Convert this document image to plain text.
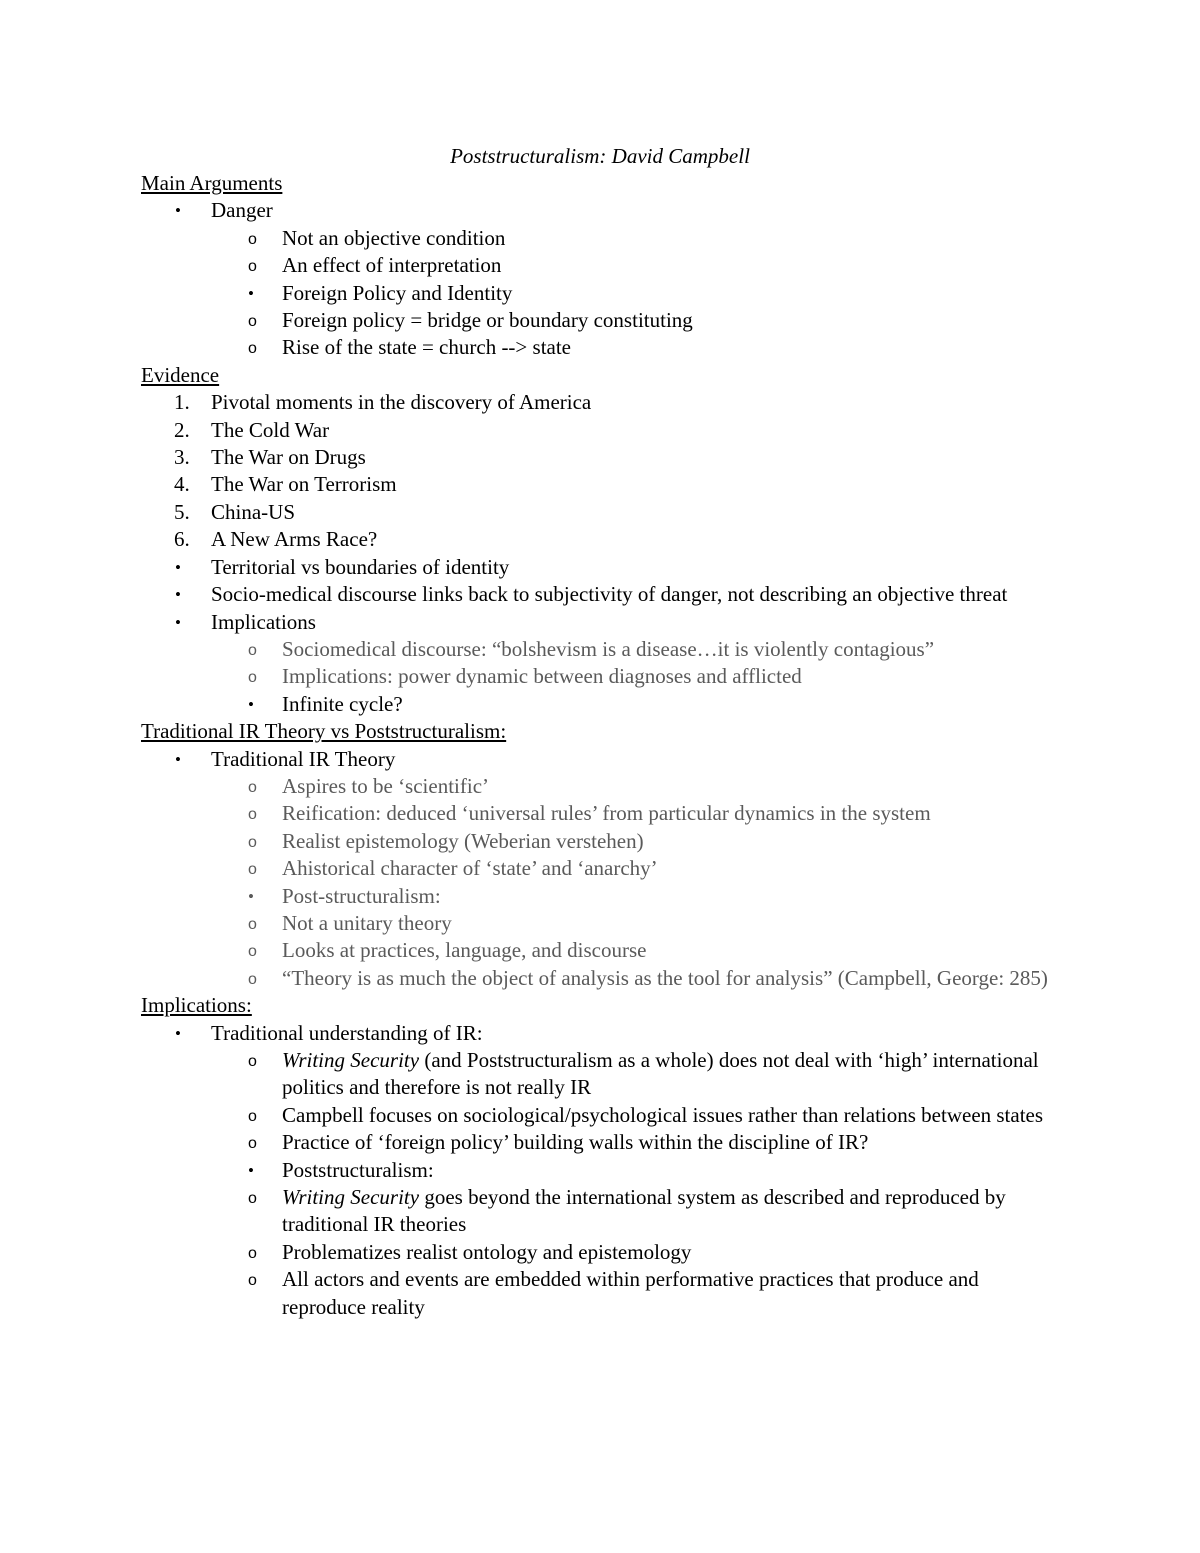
Poststructuralism: David Campbell

Main Arguments

• Danger
o Not an objective condition
o An effect of interpretation
• Foreign Policy and Identity
o Foreign policy = bridge or boundary constituting
o Rise of the state = church --> state

Evidence

1. Pivotal moments in the discovery of America
2. The Cold War
3. The War on Drugs
4. The War on Terrorism
5. China-US
6. A New Arms Race?
• Territorial vs boundaries of identity
• Socio-medical discourse links back to subjectivity of danger, not describing an objective threat
• Implications
o Sociomedical discourse: “bolshevism is a disease…it is violently contagious”
o Implications: power dynamic between diagnoses and afflicted
• Infinite cycle?

Traditional IR Theory vs Poststructuralism:

• Traditional IR Theory
o Aspires to be ‘scientific’
o Reification: deduced ‘universal rules’ from particular dynamics in the system
o Realist epistemology (Weberian verstehen)
o Ahistorical character of ‘state’ and ‘anarchy’
• Post-structuralism:
o Not a unitary theory
o Looks at practices, language, and discourse
o “Theory is as much the object of analysis as the tool for analysis” (Campbell, George: 285)

Implications:

• Traditional understanding of IR:
o Writing Security (and Poststructuralism as a whole) does not deal with ‘high’ international politics and therefore is not really IR
o Campbell focuses on sociological/psychological issues rather than relations between states
o Practice of ‘foreign policy’ building walls within the discipline of IR?
• Poststructuralism:
o Writing Security goes beyond the international system as described and reproduced by traditional IR theories
o Problematizes realist ontology and epistemology
o All actors and events are embedded within performative practices that produce and reproduce reality
